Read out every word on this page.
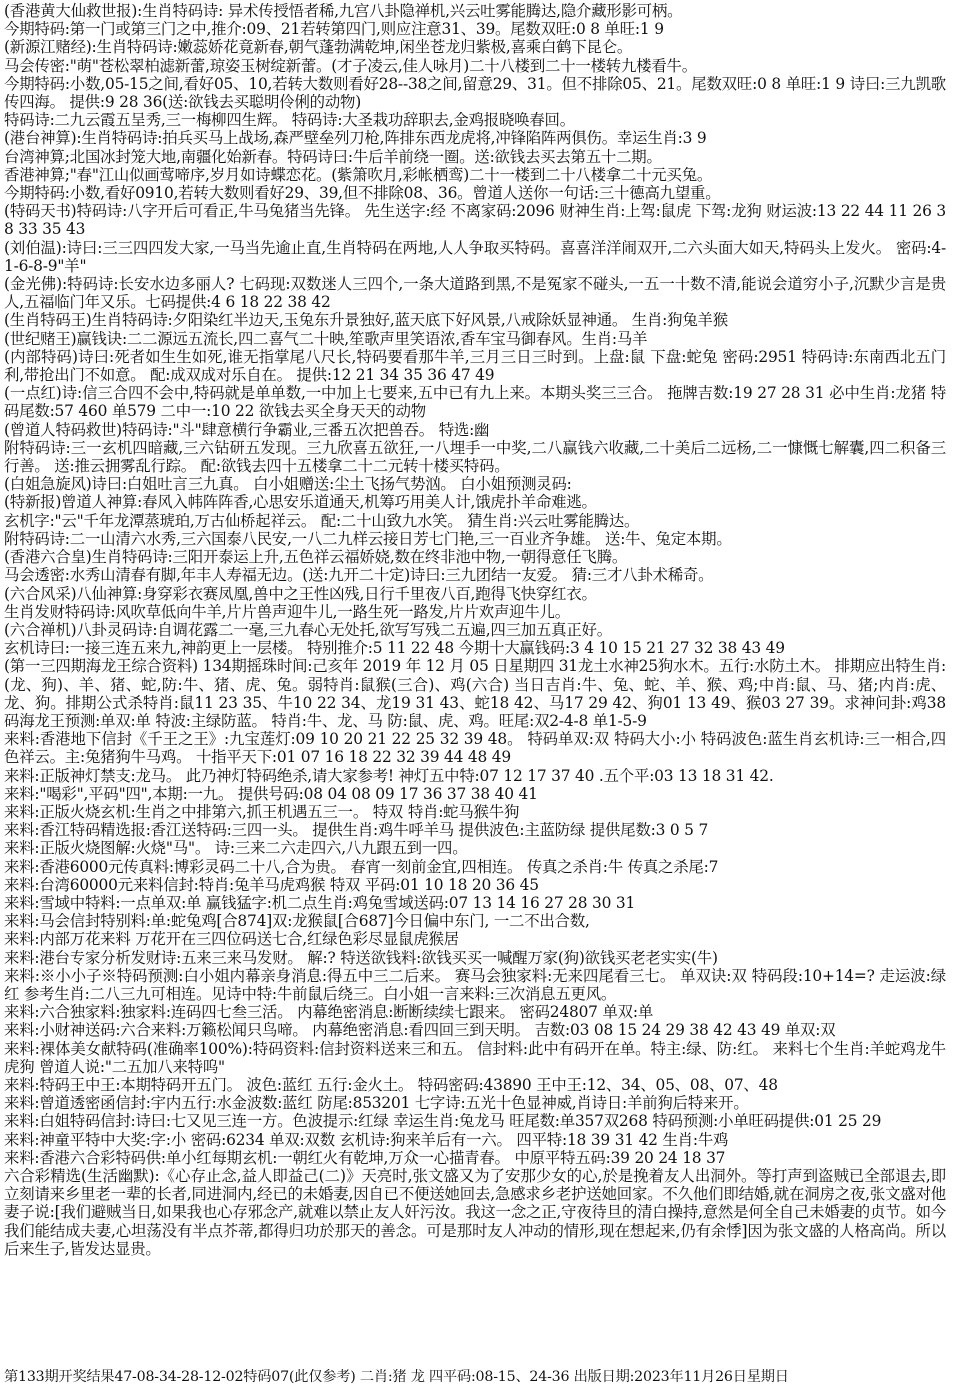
(香港黄大仙救世报):生肖特码诗: 异术传授悟者稀,九宫八卦隐禅机,兴云吐雾能腾达,隐介藏形影可柄。

今期特码:第一门或第三门之中,推介:09、21若转第四门,则应注意31、39。尾数双旺:0 8 单旺:1 9

(新源江赌经):生肖特码诗:嫩蕊娇花竟新春,朝气蓬勃满乾坤,闲坐苍龙归紫极,喜乘白鹤下昆仑。

马会传密:"萌"苍松翠柏滤新蕾,琼姿玉树绽新蕾。(才子凌云,佳人咏月)二十八楼到二十一楼转九楼看牛。

今期特码:小数,05-15之间,看好05、10,若转大数则看好28--38之间,留意29、31。但不排除05、21。尾数双旺:0 8 单旺:1 9 诗曰:三九凯歌传四海。 提供:9 28 36(送:欲钱去买聪明伶俐的动物)

特码诗:二九云霞五呈秀,三一梅柳四生辉。 特码诗:大圣栽功辞职去,金鸡报晓唤春回。

(港台神算):生肖特码诗:拍兵买马上战场,森严壁垒列刀枪,阵排东西龙虎将,冲锋陷阵两俱伤。幸运生肖:3 9

台湾神算;北国冰封笼大地,南疆化始新春。特码诗曰:牛后羊前绕一圈。送:欲钱去买去第五十二期。

香港神算;"春"江山似画莺啼序,岁月如诗蝶恋花。(紫箫吹月,彩帐栖鸾)二十一楼到二十八楼拿二十元买兔。

今期特码:小数,看好0910,若转大数则看好29、39,但不排除08、36。曾道人送你一句话:三十德高九望重。

(特码天书)特码诗:八字开后可看正,牛马兔猪当先锋。 先生送字:经 不离家码:2096 财神生肖:上驾:鼠虎 下驾:龙狗 财运波:13 22 44 11 26 38 33 35 43

(刘伯温):诗曰:三三四四发大家,一马当先逾止直,生肖特码在两地,人人争取买特码。喜喜洋洋闹双开,二六头面大如天,特码头上发火。 密码:4-1-6-8-9"羊"

(金光佛):特码诗:长安水边多丽人? 七码现:双数迷人三四个,一条大道路到黑,不是冤家不碰头,一五一十数不清,能说会道穷小子,沉默少言是贵人,五福临门年又乐。七码提供:4 6 18 22 38 42

(生肖特码王)生肖特码诗:夕阳染红半边天,玉兔东升景独好,蓝天底下好风景,八戒除妖显神通。 生肖:狗兔羊猴

(世纪赌王)赢钱诀:二二源远五流长,四二喜气二十映,笙歌声里笑语浓,香车宝马御春风。生肖:马羊

(内部特码)诗曰:死者如生生如死,谁无指掌尾八尺长,特码要看那牛羊,三月三日三时到。上盘:鼠 下盘:蛇兔 密码:2951 特码诗:东南西北五门利,带抢出门不如意。 配:成双成对乐自在。 提供:12 21 34 35 36 47 49

(一点红)诗:信三合四不会中,特码就是单单数,一中加上七要来,五中已有九上来。本期头奖三三合。 拖牌吉数:19 27 28 31 必中生肖:龙猪 特码尾数:57 460 单579 二中一:10 22 欲钱去买全身天天的动物

(曾道人特码救世)特码诗:"斗"肆意横行争霸业,三番五次把兽吞。 特选:幽

附特码诗:三一玄机四暗藏,三六钻研五发现。三九欣喜五欲狂,一八埋手一中奖,二八赢钱六收藏,二十美后二远杨,二一慷慨七解囊,四二积备三行善。 送:推云拥雾乱行踪。 配:欲钱去四十五楼拿二十二元转十楼买特码。

(白姐急旋风)诗曰:白姐吐言三九真。 白小姐赠送:尘土飞扬气势汹。 白小姐预测灵码:

(特新报)曾道人神算:春风入帏阵阵香,心思安乐道通天,机筹巧用美人计,饿虎扑羊命难逃。

玄机字:"云"千年龙潭蒸琥珀,万古仙桥起祥云。 配:二十山致九水笑。 猜生肖:兴云吐雾能腾达。

附特码诗:二一山清六水秀,三六国泰八民安,一八二九样云接日芳七门艳,三一百业齐争雄。 送:牛、兔定本期。

(香港六合皇)生肖特码诗:三阳开泰运上升,五色祥云福娇娆,数在终非池中物,一朝得意任飞腾。

马会透密:水秀山清春有脚,年丰人寿福无边。(送:九开二十定)诗曰:三九团结一友爱。 猜:三才八卦术稀奇。

(六合风采)八仙神算:身穿彩衣赛凤凰,兽中之王性凶残,日行千里夜八百,跑得飞快穿红衣。

生肖发财特码诗:风吹草低向牛羊,片片兽声迎牛儿,一路生死一路发,片片欢声迎牛儿。

(六合禅机)八卦灵码诗:自调花露二一毫,三九春心无处托,欲写写残二五遍,四三加五真正好。

玄机诗曰:一接三连五来九,神韵更上一层楼。 特别推介:5 11 22 48 今期十大赢钱码:3 4 10 15 21 27 32 38 43 49

(第一三四期海龙王综合资料) 134期摇珠时间:己亥年 2019 年 12 月 05 日星期四 31龙土水神25狗水木。五行:水防土木。 排期应出特生肖:(龙、狗)、羊、猪、蛇,防:牛、猪、虎、兔。弱特肖:鼠猴(三合)、鸡(六合) 当日吉肖:牛、兔、蛇、羊、猴、鸡;中肖:鼠、马、猪;内肖:虎、龙、狗。排期公式杀特肖:鼠11 23 35、牛10 22 34、龙19 31 43、蛇18 42、马17 29 42、狗01 13 49、猴03 27 39。求神问卦:鸡38 码海龙王预测:单双:单 特波:主绿防蓝。 特肖:牛、龙、马 防:鼠、虎、鸡。旺尾:双2-4-8 单1-5-9

来料:香港地下信封《千王之王》:九宝莲灯:09 10 20 21 22 25 32 39 48。 特码单双:双 特码大小:小 特码波色:蓝生肖玄机诗:三一相合,四色祥云。主:兔猪狗牛马鸡。 十指平天下:01 07 16 18 22 32 39 44 48 49

来料:正版神灯禁支:龙马。 此乃神灯特码绝杀,请大家参考! 神灯五中特:07 12 17 37 40 .五个平:03 13 18 31 42.

来料:"喝彩",平码"四",本期:一九。 提供号码:08 04 08 09 17 36 37 38 40 41

来料:正版火烧玄机:生肖之中排第六,抓王机遇五三一。 特双 特肖:蛇马猴牛狗

来料:香江特码精选报:香江送特码:三四一头。 提供生肖:鸡牛呼羊马 提供波色:主蓝防绿 提供尾数:3 0 5 7

来料:正版火烧图解:火烧"马"。 诗:三来二六走四六,八九跟五到一四。

来料:香港6000元传真料:博彩灵码二十八,合为贵。 春宵一刻前金宜,四相连。 传真之杀肖:牛 传真之杀尾:7

来料:台湾60000元来料信封:特肖:兔羊马虎鸡猴 特双 平码:01 10 18 20 36 45

来料:雪域中特料:一点单双:单 赢钱猛字:机二点生肖:鸡兔雪域送码:07 13 14 16 27 28 30 31

来料:马会信封特别料:单:蛇兔鸡[合874]双:龙猴鼠[合687]今日偏中东门, 一二不出合数,

来料:内部万花来料 万花开在三四位码送七合,红绿色彩尽显鼠虎猴居

来料:港台专家分析发财诗:五来三来马发财。 解:? 特送欲钱料:欲钱买买一喊醒万家(狗)欲钱买老老实实(牛)

来料:※小小子※特码预测:白小姐内幕亲身消息:得五中三二后来。 赛马会独家料:无来四尾看三七。 单双诀:双 特码段:10+14=? 走运波:绿红 参考生肖:二八三九可相连。见诗中特:牛前鼠后绕三。白小姐一言来料:三次消息五更风。

来料:六合独家料:独家料:连码四七叁三活。 内幕绝密消息:断断续续七跟来。 密码24807 单双:单

来料:小财神送码:六合来料:万籁松闻只鸟啼。 内幕绝密消息:看四回三到天明。 吉数:03 08 15 24 29 38 42 43 49 单双:双

来料:裸体美女献特码(准确率100%):特码资料:信封资料送来三和五。 信封料:此中有码开在单。特主:绿、防:红。 来料七个生肖:羊蛇鸡龙牛虎狗 曾道人说:"二五加八来特呜"

来料:特码王中王:本期特码开五门。 波色:蓝红 五行:金火土。 特码密码:43890 王中王:12、34、05、08、07、48

来料:曾道透密函信封:宇内五行:水金波数:蓝红 防尾:853201 七字诗:五光十色显神威,肖诗日:羊前狗后特来开。

来料:白姐特码信封:诗曰:七又见三连一方。色波提示:红绿 幸运生肖:兔龙马 旺尾数:单357双268 特码预测:小单旺码提供:01 25 29

来料:神童平特中大奖:字:小 密码:6234 单双:双数 玄机诗:狗来羊后有一六。 四平特:18 39 31 42 生肖:牛鸡

来料:香港六合彩特码供:单小红每期玄机:一朝红火有乾坤,万众一心描青春。 中原平特五码:39 20 24 18 37

六合彩精选(生活幽默):《心存止念,益人即益己(二)》天亮时,张文盛又为了安那少女的心,於是挽着友人出洞外。等打声到盗贼已全部退去,即立刻请来乡里老一辈的长者,同进洞内,经已的未婚妻,因自已不便送她回去,急感求乡老护送她回家。不久他们即结婚,就在洞房之夜,张文盛对他妻子说:[我们避贼当日,如果我也心存邪念产,就难以禁止友人奸污汝。我这一念之正,守夜待旦的清白操持,意然是何全自己未婚妻的贞节。如今我们能结成夫妻,心坦荡没有半点芥蒂,都得归功於那天的善念。可是那时友人冲动的情形,现在想起来,仍有余悸]因为张文盛的人格高尚。所以后来生子,皆发达显贵。

第133期开奖结果47-08-34-28-12-02特码07(此仅参考) 二肖:猪 龙 四平码:08-15、24-36 出版日期:2023年11月26日星期日
